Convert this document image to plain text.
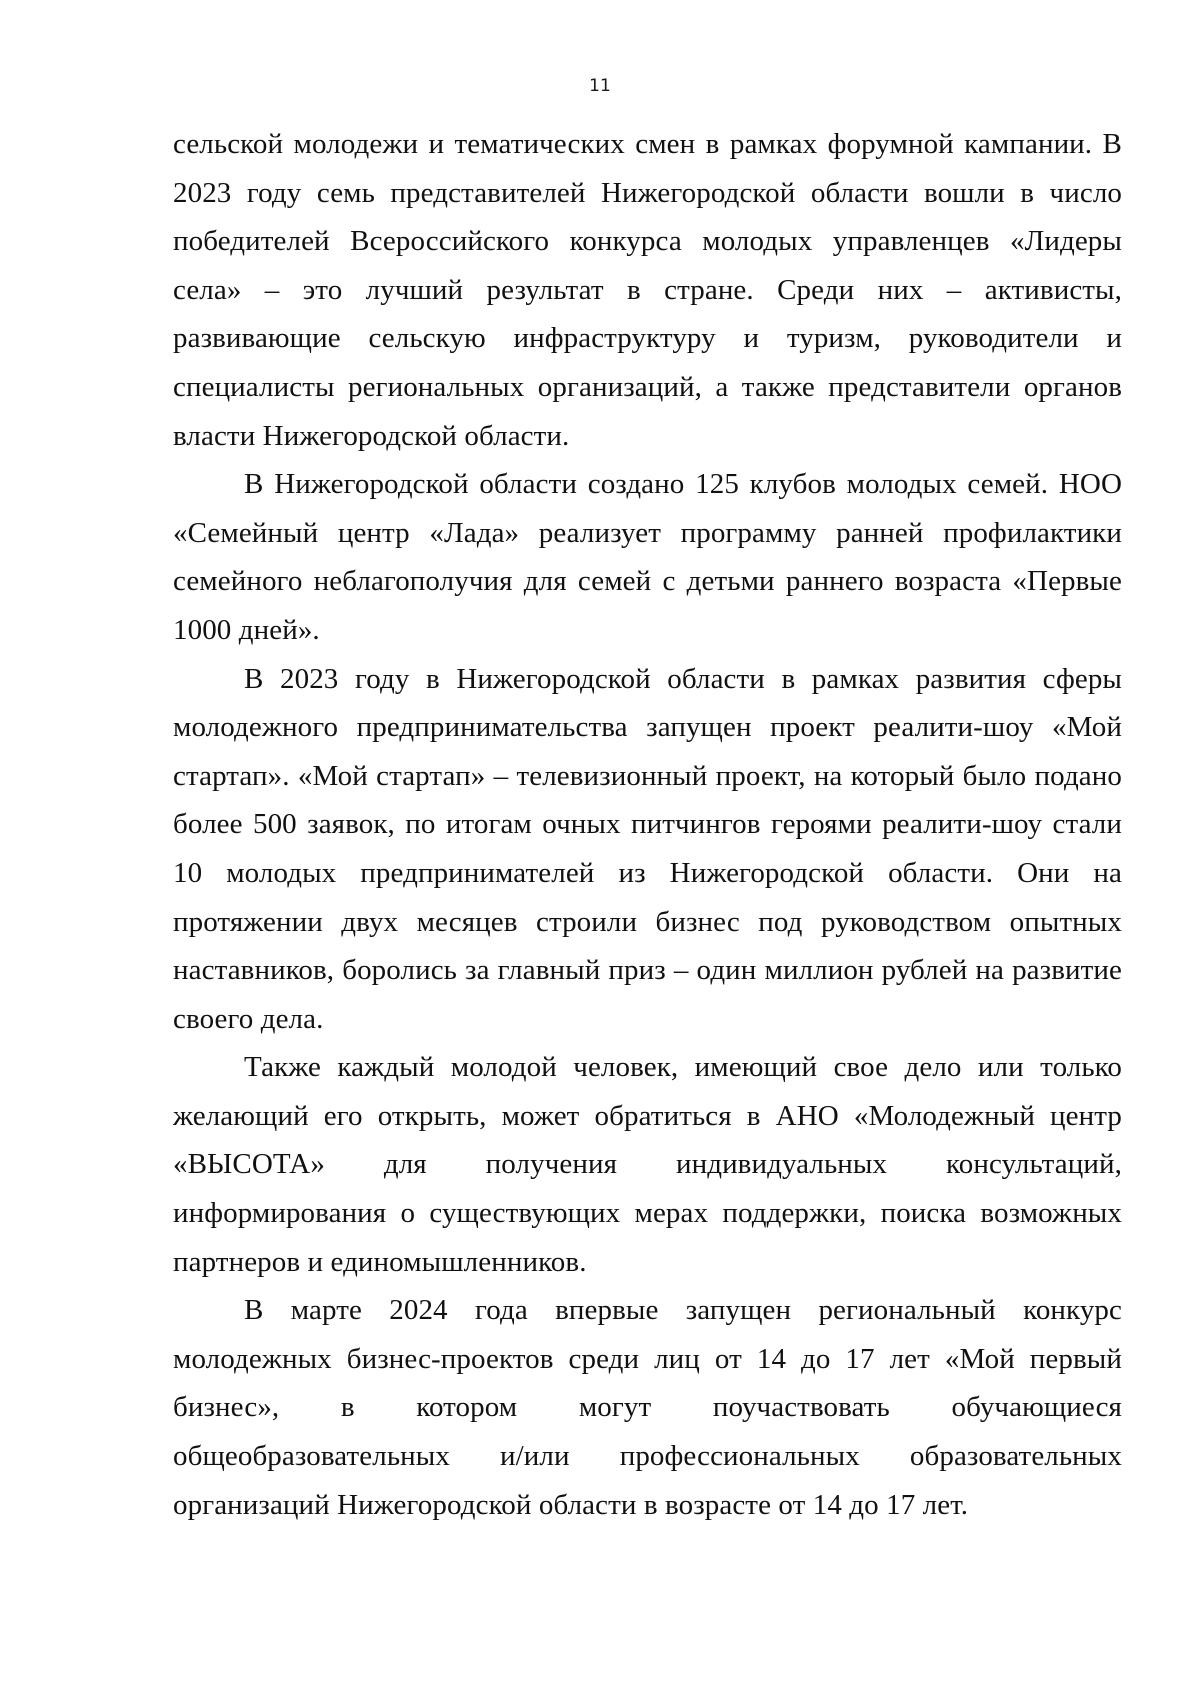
11

сельской молодежи и тематических смен в рамках форумной кампании. В 2023 году семь представителей Нижегородской области вошли в число победителей Всероссийского конкурса молодых управленцев «Лидеры села» – это лучший результат в стране. Среди них – активисты, развивающие сельскую инфраструктуру и туризм, руководители и специалисты региональных организаций, а также представители органов власти Нижегородской области.

В Нижегородской области создано 125 клубов молодых семей. НОО «Семейный центр «Лада» реализует программу ранней профилактики семейного неблагополучия для семей с детьми раннего возраста «Первые 1000 дней».

В 2023 году в Нижегородской области в рамках развития сферы молодежного предпринимательства запущен проект реалити-шоу «Мой стартап». «Мой стартап» – телевизионный проект, на который было подано более 500 заявок, по итогам очных питчингов героями реалити-шоу стали 10 молодых предпринимателей из Нижегородской области. Они на протяжении двух месяцев строили бизнес под руководством опытных наставников, боролись за главный приз – один миллион рублей на развитие своего дела.

Также каждый молодой человек, имеющий свое дело или только желающий его открыть, может обратиться в АНО «Молодежный центр «ВЫСОТА» для получения индивидуальных консультаций, информирования о существующих мерах поддержки, поиска возможных партнеров и единомышленников.

В марте 2024 года впервые запущен региональный конкурс молодежных бизнес-проектов среди лиц от 14 до 17 лет «Мой первый бизнес», в котором могут поучаствовать обучающиеся общеобразовательных и/или профессиональных образовательных организаций Нижегородской области в возрасте от 14 до 17 лет.
